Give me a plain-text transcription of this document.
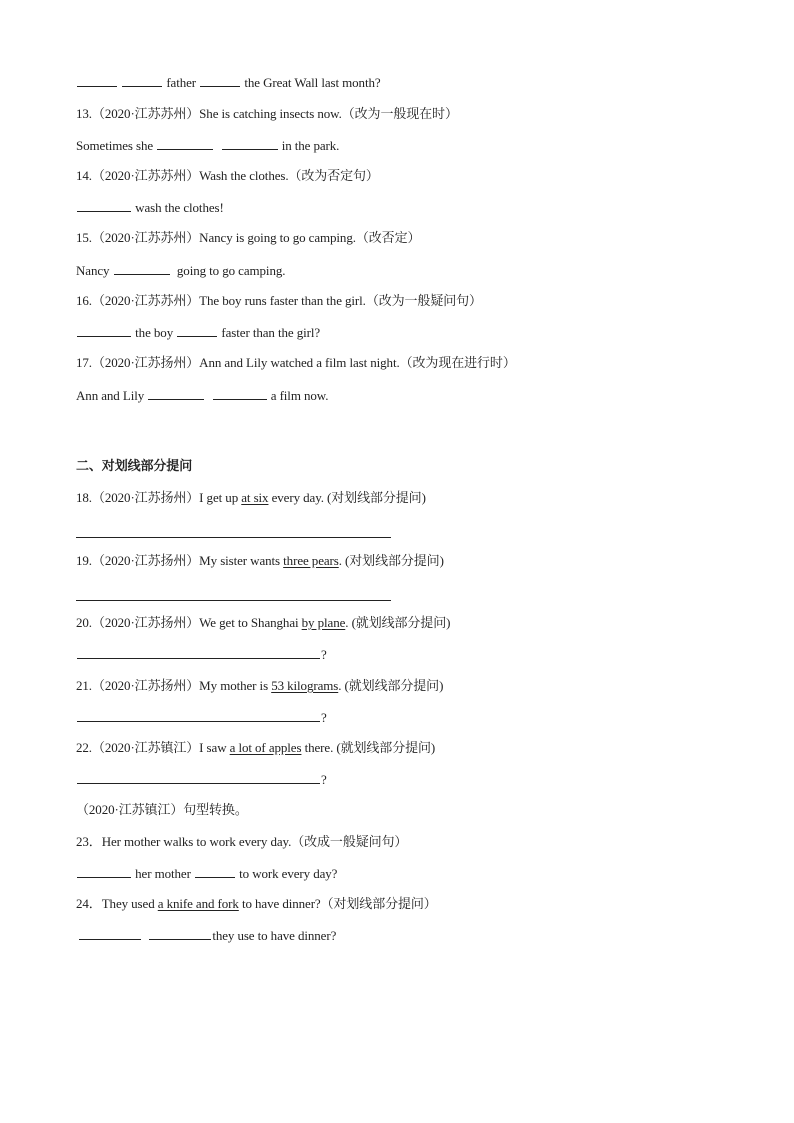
father	the Great Wall last month?
13.（2020·江苏苏州）She is catching insects now.（改为一般现在时）
Sometimes she	in the park.
14.（2020·江苏苏州）Wash the clothes.（改为否定句）
wash the clothes!
15.（2020·江苏苏州）Nancy is going to go camping.（改否定）
Nancy	going to go camping.
16.（2020·江苏苏州）The boy runs faster than the girl.（改为一般疑问句）
the boy	faster than the girl?
17.（2020·江苏扬州）Ann and Lily watched a film last night.（改为现在进行时）
Ann and Lily	a film now.
二、对划线部分提问
18.（2020·江苏扬州）I get up at six every day. (对划线部分提问)
19.（2020·江苏扬州）My sister wants three pears. (对划线部分提问)
20.（2020·江苏扬州）We get to Shanghai by plane. (就划线部分提问)
?
21.（2020·江苏扬州）My mother is 53 kilograms. (就划线部分提问)
?
22.（2020·江苏镇江）I saw a lot of apples there. (就划线部分提问)
?
（2020·江苏镇江）句型转换。
23．Her mother walks to work every day.（改成一般疑问句）
her mother	to work every day?
24．They used a knife and fork to have dinner?（对划线部分提问）
they use to have dinner?
